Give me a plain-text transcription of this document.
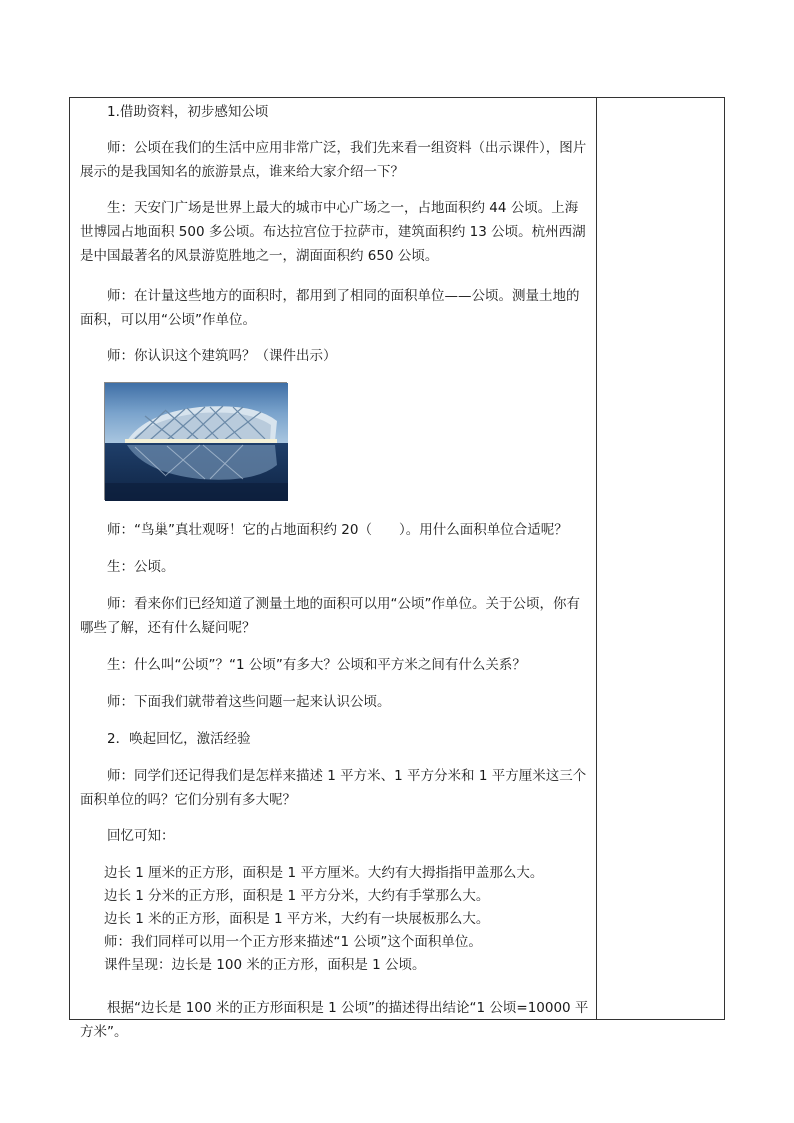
1.借助资料，初步感知公顷

师：公顷在我们的生活中应用非常广泛，我们先来看一组资料（出示课件），图片展示的是我国知名的旅游景点，谁来给大家介绍一下？

生：天安门广场是世界上最大的城市中心广场之一，占地面积约 44 公顷。上海世博园占地面积 500 多公顷。布达拉宫位于拉萨市，建筑面积约 13 公顷。杭州西湖是中国最著名的风景游览胜地之一，湖面面积约 650 公顷。

师：在计量这些地方的面积时，都用到了相同的面积单位——公顷。测量土地的面积，可以用“公顷”作单位。

师：你认识这个建筑吗？（课件出示）

师：“鸟巢”真壮观呀！它的占地面积约 20（　　）。用什么面积单位合适呢？

生：公顷。

师：看来你们已经知道了测量土地的面积可以用“公顷”作单位。关于公顷，你有哪些了解，还有什么疑问呢？

生：什么叫“公顷”？“1 公顷”有多大？公顷和平方米之间有什么关系？

师：下面我们就带着这些问题一起来认识公顷。

2．唤起回忆，激活经验

师：同学们还记得我们是怎样来描述 1 平方米、1 平方分米和 1 平方厘米这三个面积单位的吗？它们分别有多大呢？

回忆可知：

边长 1 厘米的正方形，面积是 1 平方厘米。大约有大拇指指甲盖那么大。
边长 1 分米的正方形，面积是 1 平方分米，大约有手掌那么大。
边长 1 米的正方形，面积是 1 平方米，大约有一块展板那么大。
师：我们同样可以用一个正方形来描述“1 公顷”这个面积单位。
课件呈现：边长是 100 米的正方形，面积是 1 公顷。

根据“边长是 100 米的正方形面积是 1 公顷”的描述得出结论“1 公顷=10000 平方米”。
